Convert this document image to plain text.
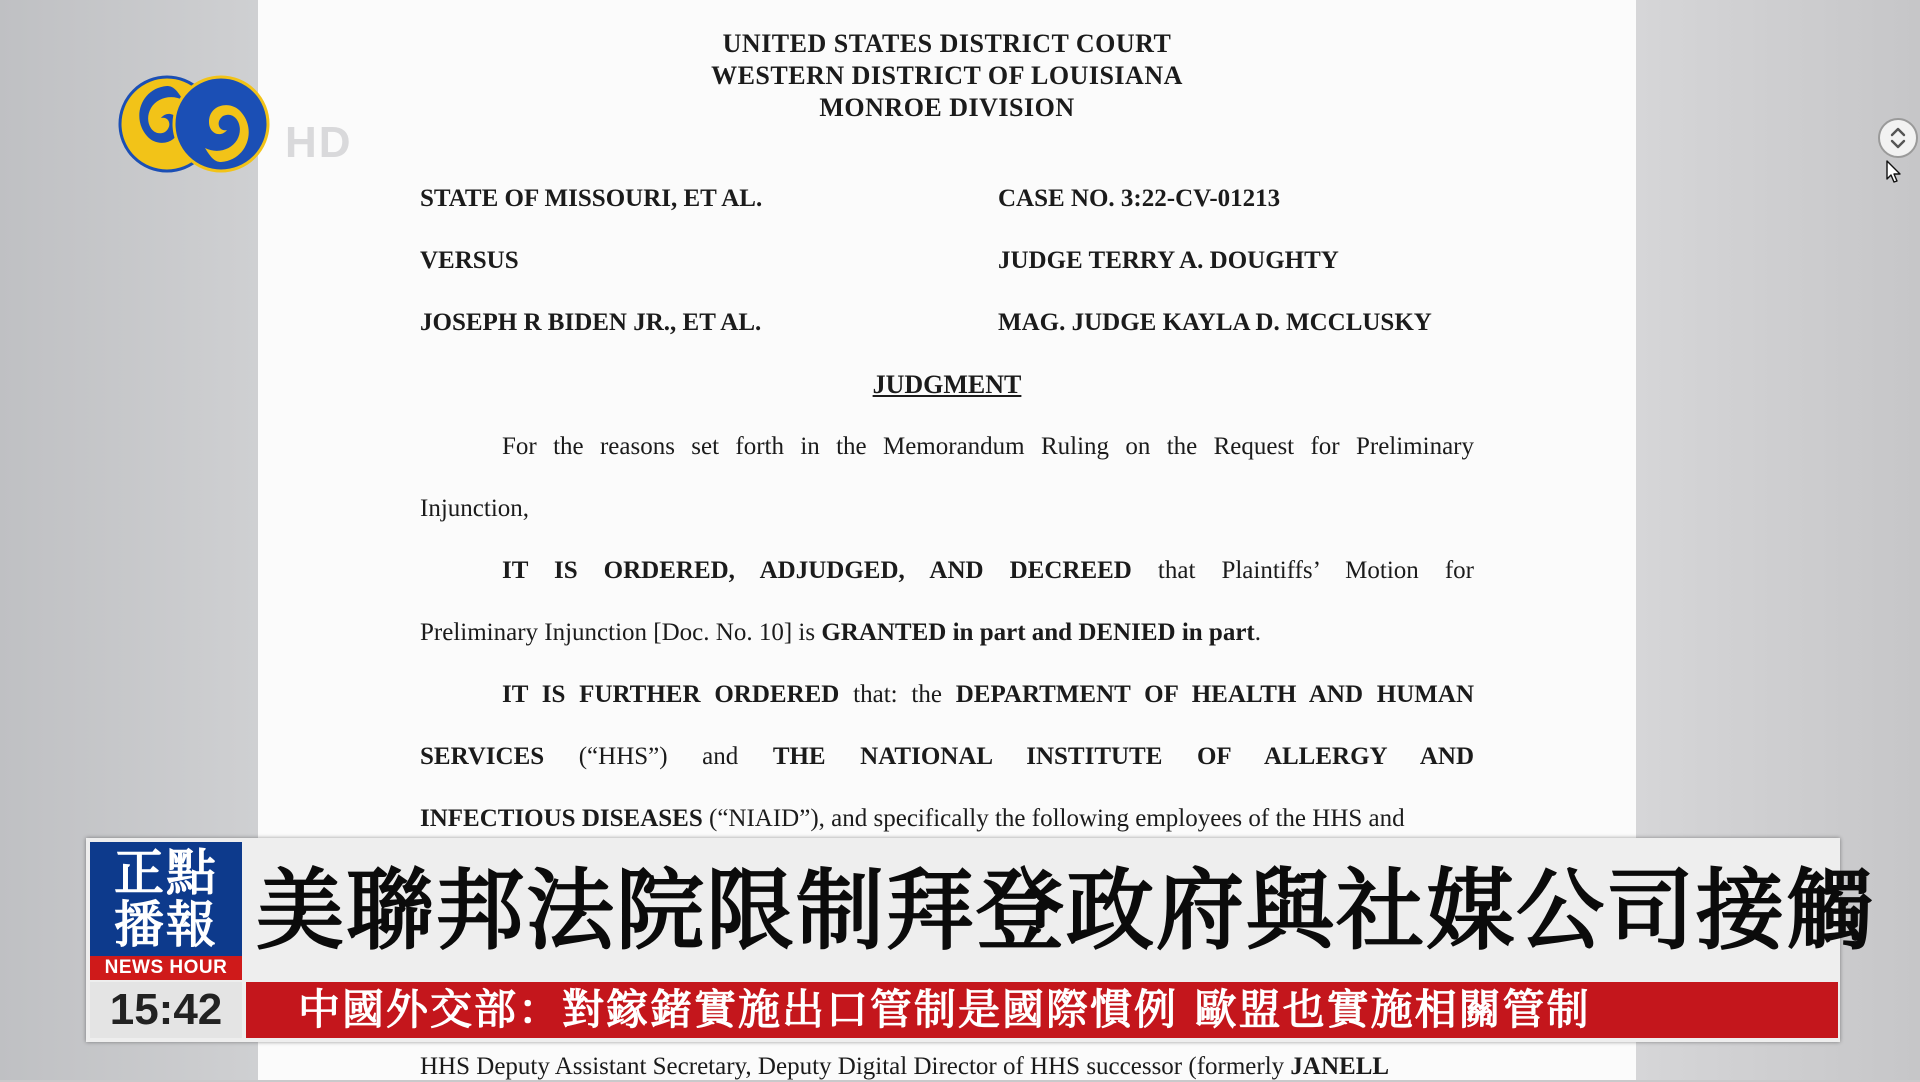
UNITED STATES DISTRICT COURT
WESTERN DISTRICT OF LOUISIANA
MONROE DIVISION
STATE OF MISSOURI, ET AL.	CASE NO. 3:22-CV-01213
VERSUS	JUDGE TERRY A. DOUGHTY
JOSEPH R BIDEN JR., ET AL.	MAG. JUDGE KAYLA D. MCCLUSKY
JUDGMENT
For the reasons set forth in the Memorandum Ruling on the Request for Preliminary
Injunction,
IT IS ORDERED, ADJUDGED, AND DECREED that Plaintiffs’ Motion for
Preliminary Injunction [Doc. No. 10] is GRANTED in part and DENIED in part.
IT IS FURTHER ORDERED that: the DEPARTMENT OF HEALTH AND HUMAN
SERVICES (“HHS”) and THE NATIONAL INSTITUTE OF ALLERGY AND
INFECTIOUS DISEASES (“NIAID”), and specifically the following employees of the HHS and
HHS Deputy Assistant Secretary, Deputy Digital Director of HHS successor (formerly JANELL
HD
正點
播報
NEWS HOUR
美聯邦法院限制拜登政府與社媒公司接觸
15:42	中國外交部：對鎵鍺實施出口管制是國際慣例 歐盟也實施相關管制
